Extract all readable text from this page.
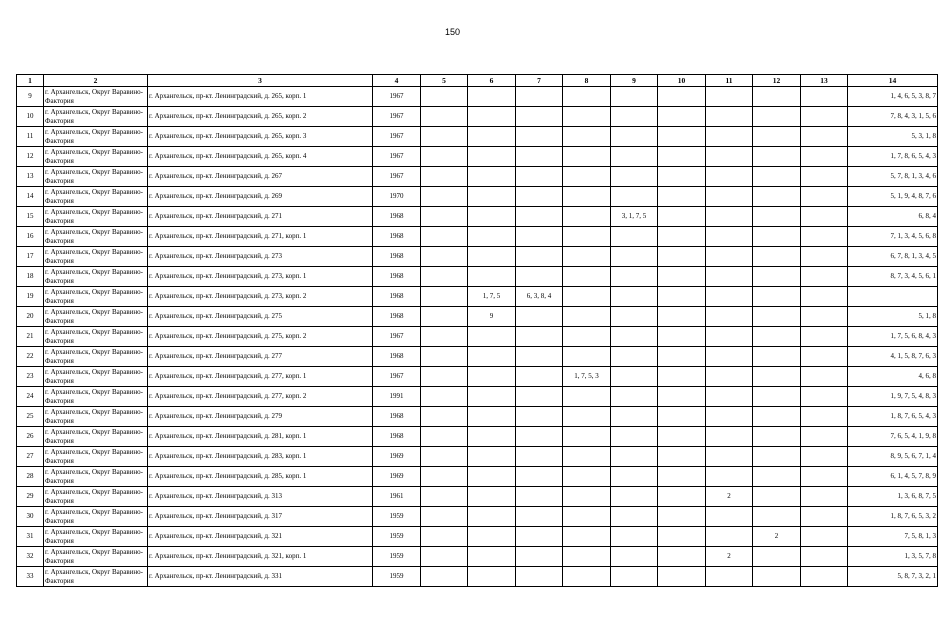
150
1	2	3	4	5	6	7	8	9	10	11	12	13	14
9	г. Архангельск, Округ Варавино-Фактория	г. Архангельск, пр-кт. Ленинградский, д. 265, корп. 1	1967										1, 4, 6, 5, 3, 8, 7
10	г. Архангельск, Округ Варавино-Фактория	г. Архангельск, пр-кт. Ленинградский, д. 265, корп. 2	1967										7, 8, 4, 3, 1, 5, 6
11	г. Архангельск, Округ Варавино-Фактория	г. Архангельск, пр-кт. Ленинградский, д. 265, корп. 3	1967										5, 3, 1, 8
12	г. Архангельск, Округ Варавино-Фактория	г. Архангельск, пр-кт. Ленинградский, д. 265, корп. 4	1967										1, 7, 8, 6, 5, 4, 3
13	г. Архангельск, Округ Варавино-Фактория	г. Архангельск, пр-кт. Ленинградский, д. 267	1967										5, 7, 8, 1, 3, 4, 6
14	г. Архангельск, Округ Варавино-Фактория	г. Архангельск, пр-кт. Ленинградский, д. 269	1970										5, 1, 9, 4, 8, 7, 6
15	г. Архангельск, Округ Варавино-Фактория	г. Архангельск, пр-кт. Ленинградский, д. 271	1968					3, 1, 7, 5					6, 8, 4
16	г. Архангельск, Округ Варавино-Фактория	г. Архангельск, пр-кт. Ленинградский, д. 271, корп. 1	1968										7, 1, 3, 4, 5, 6, 8
17	г. Архангельск, Округ Варавино-Фактория	г. Архангельск, пр-кт. Ленинградский, д. 273	1968										6, 7, 8, 1, 3, 4, 5
18	г. Архангельск, Округ Варавино-Фактория	г. Архангельск, пр-кт. Ленинградский, д. 273, корп. 1	1968										8, 7, 3, 4, 5, 6, 1
19	г. Архангельск, Округ Варавино-Фактория	г. Архангельск, пр-кт. Ленинградский, д. 273, корп. 2	1968		1, 7, 5	6, 3, 8, 4							
20	г. Архангельск, Округ Варавино-Фактория	г. Архангельск, пр-кт. Ленинградский, д. 275	1968		9								5, 1, 8
21	г. Архангельск, Округ Варавино-Фактория	г. Архангельск, пр-кт. Ленинградский, д. 275, корп. 2	1967										1, 7, 5, 6, 8, 4, 3
22	г. Архангельск, Округ Варавино-Фактория	г. Архангельск, пр-кт. Ленинградский, д. 277	1968										4, 1, 5, 8, 7, 6, 3
23	г. Архангельск, Округ Варавино-Фактория	г. Архангельск, пр-кт. Ленинградский, д. 277, корп. 1	1967				1, 7, 5, 3						4, 6, 8
24	г. Архангельск, Округ Варавино-Фактория	г. Архангельск, пр-кт. Ленинградский, д. 277, корп. 2	1991										1, 9, 7, 5, 4, 8, 3
25	г. Архангельск, Округ Варавино-Фактория	г. Архангельск, пр-кт. Ленинградский, д. 279	1968										1, 8, 7, 6, 5, 4, 3
26	г. Архангельск, Округ Варавино-Фактория	г. Архангельск, пр-кт. Ленинградский, д. 281, корп. 1	1968										7, 6, 5, 4, 1, 9, 8
27	г. Архангельск, Округ Варавино-Фактория	г. Архангельск, пр-кт. Ленинградский, д. 283, корп. 1	1969										8, 9, 5, 6, 7, 1, 4
28	г. Архангельск, Округ Варавино-Фактория	г. Архангельск, пр-кт. Ленинградский, д. 285, корп. 1	1969										6, 1, 4, 5, 7, 8, 9
29	г. Архангельск, Округ Варавино-Фактория	г. Архангельск, пр-кт. Ленинградский, д. 313	1961							2			1, 3, 6, 8, 7, 5
30	г. Архангельск, Округ Варавино-Фактория	г. Архангельск, пр-кт. Ленинградский, д. 317	1959										1, 8, 7, 6, 5, 3, 2
31	г. Архангельск, Округ Варавино-Фактория	г. Архангельск, пр-кт. Ленинградский, д. 321	1959								2		7, 5, 8, 1, 3
32	г. Архангельск, Округ Варавино-Фактория	г. Архангельск, пр-кт. Ленинградский, д. 321, корп. 1	1959							2			1, 3, 5, 7, 8
33	г. Архангельск, Округ Варавино-Фактория	г. Архангельск, пр-кт. Ленинградский, д. 331	1959										5, 8, 7, 3, 2, 1
